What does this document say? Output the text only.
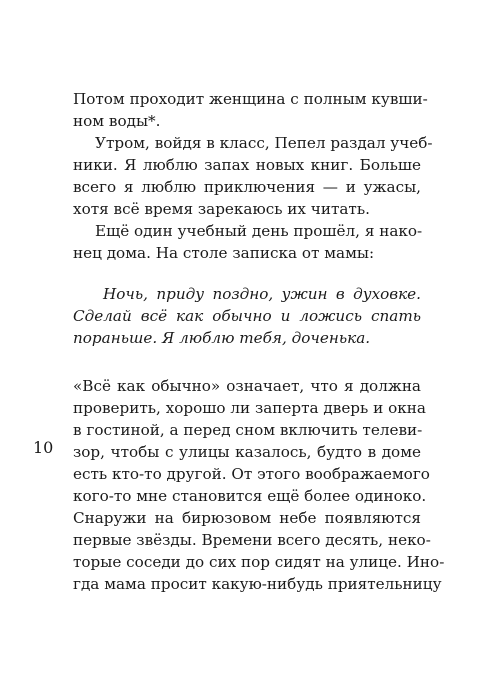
10
Потом проходит женщина с полным кувши-
ном воды*.
Утром, войдя в класс, Пепел раздал учеб-
ники. Я люблю запах новых книг. Больше
всего я люблю приключения — и ужасы,
хотя всё время зарекаюсь их читать.
Ещё один учебный день прошёл, я нако-
нец дома. На столе записка от мамы:
Ночь, приду поздно, ужин в духовке.
Сделай всё как обычно и ложись спать
пораньше. Я люблю тебя, доченька.
«Всё как обычно» означает, что я должна
проверить, хорошо ли заперта дверь и окна
в гостиной, а перед сном включить телеви-
зор, чтобы с улицы казалось, будто в доме
есть кто-то другой. От этого воображаемого
кого-то мне становится ещё более одиноко.
Снаружи на бирюзовом небе появляются
первые звёзды. Времени всего десять, неко-
торые соседи до сих пор сидят на улице. Ино-
гда мама просит какую-нибудь приятельницу
